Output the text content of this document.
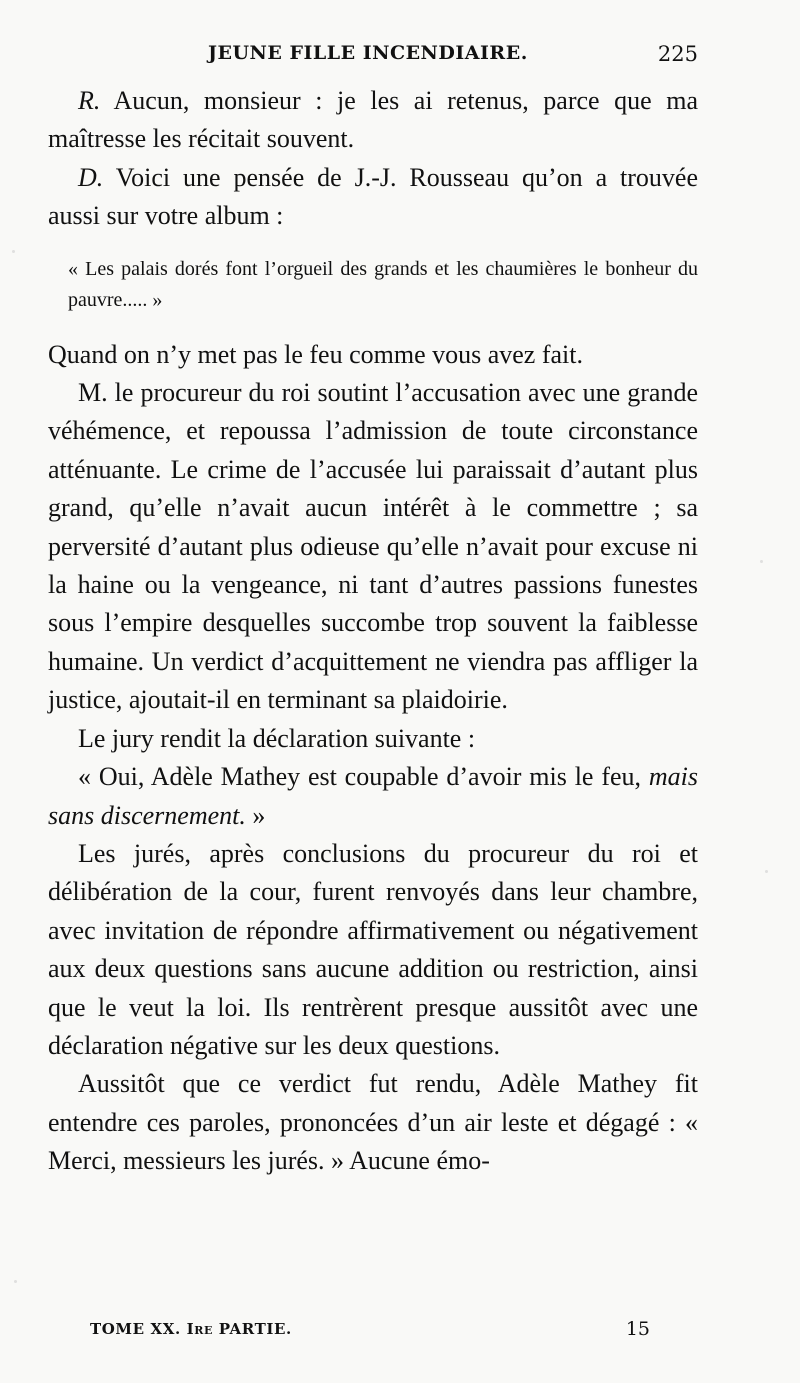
JEUNE FILLE INCENDIAIRE.	225

R. Aucun, monsieur : je les ai retenus, parce que ma maîtresse les récitait souvent.

D. Voici une pensée de J.-J. Rousseau qu’on a trouvée aussi sur votre album :

« Les palais dorés font l’orgueil des grands et les chaumières le bonheur du pauvre..... »

Quand on n’y met pas le feu comme vous avez fait.

M. le procureur du roi soutint l’accusation avec une grande véhémence, et repoussa l’admission de toute circonstance atténuante. Le crime de l’accusée lui paraissait d’autant plus grand, qu’elle n’avait aucun intérêt à le commettre ; sa perversité d’autant plus odieuse qu’elle n’avait pour excuse ni la haine ou la vengeance, ni tant d’autres passions funestes sous l’empire desquelles succombe trop souvent la faiblesse humaine. Un verdict d’acquittement ne viendra pas affliger la justice, ajoutait-il en terminant sa plaidoirie.

Le jury rendit la déclaration suivante :

« Oui, Adèle Mathey est coupable d’avoir mis le feu, mais sans discernement. »

Les jurés, après conclusions du procureur du roi et délibération de la cour, furent renvoyés dans leur chambre, avec invitation de répondre affirmativement ou négativement aux deux questions sans aucune addition ou restriction, ainsi que le veut la loi. Ils rentrèrent presque aussitôt avec une déclaration négative sur les deux questions.

Aussitôt que ce verdict fut rendu, Adèle Mathey fit entendre ces paroles, prononcées d’un air leste et dégagé : « Merci, messieurs les jurés. » Aucune émo-

TOME XX. Ire PARTIE.	15
